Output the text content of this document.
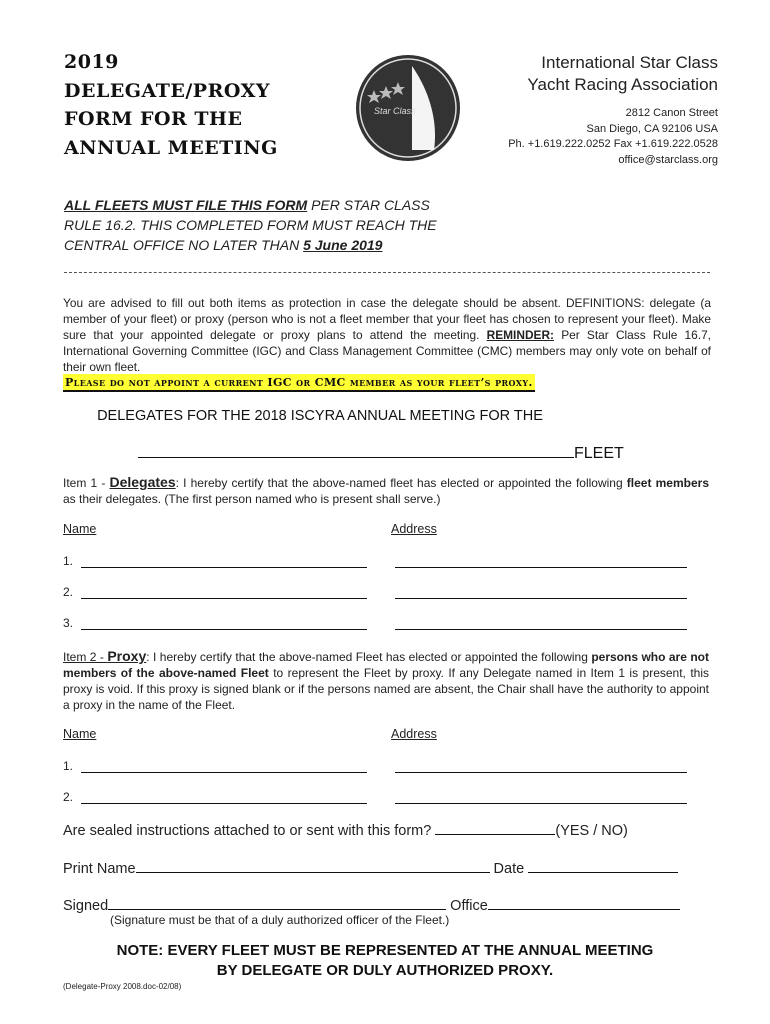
2019
DELEGATE/PROXY
FORM FOR THE
ANNUAL MEETING
Star Class
International Star Class
Yacht Racing Association
2812 Canon Street
San Diego, CA 92106 USA
Ph. +1.619.222.0252 Fax +1.619.222.0528
office@starclass.org
ALL FLEETS MUST FILE THIS FORM PER STAR CLASS RULE 16.2. THIS COMPLETED FORM MUST REACH THE CENTRAL OFFICE NO LATER THAN 5 June 2019
You are advised to fill out both items as protection in case the delegate should be absent. DEFINITIONS: delegate (a member of your fleet) or proxy (person who is not a fleet member that your fleet has chosen to represent your fleet). Make sure that your appointed delegate or proxy plans to attend the meeting. REMINDER: Per Star Class Rule 16.7, International Governing Committee (IGC) and Class Management Committee (CMC) members may only vote on behalf of their own fleet.
Please do not appoint a current IGC or CMC member as your fleet’s proxy.
DELEGATES FOR THE 2018 ISCYRA ANNUAL MEETING FOR THE
FLEET
Item 1 - Delegates: I hereby certify that the above-named fleet has elected or appointed the following fleet members as their delegates. (The first person named who is present shall serve.)
Name	Address
1.
2.
3.
Item 2 - Proxy: I hereby certify that the above-named Fleet has elected or appointed the following persons who are not members of the above-named Fleet to represent the Fleet by proxy. If any Delegate named in Item 1 is present, this proxy is void. If this proxy is signed blank or if the persons named are absent, the Chair shall have the authority to appoint a proxy in the name of the Fleet.
Name	Address
1.
2.
Are sealed instructions attached to or sent with this form?	(YES / NO)
Print Name	Date
Signed	Office
(Signature must be that of a duly authorized officer of the Fleet.)
NOTE: EVERY FLEET MUST BE REPRESENTED AT THE ANNUAL MEETING
BY DELEGATE OR DULY AUTHORIZED PROXY.
(Delegate-Proxy 2008.doc-02/08)
